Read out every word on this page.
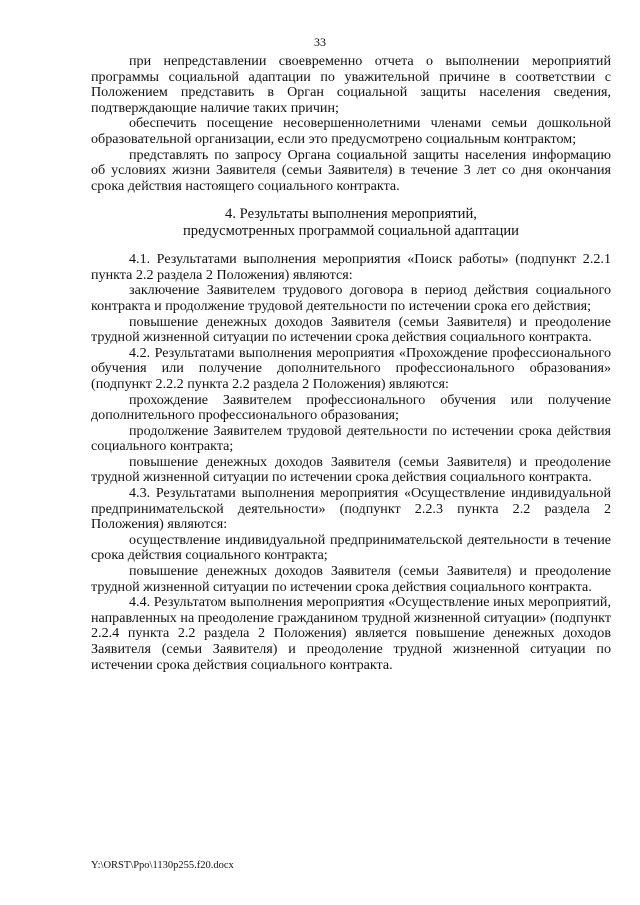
33

при непредставлении своевременно отчета о выполнении мероприятий программы социальной адаптации по уважительной причине в соответствии с Положением представить в Орган социальной защиты населения сведения, подтверждающие наличие таких причин;

обеспечить посещение несовершеннолетними членами семьи дошкольной образовательной организации, если это предусмотрено социальным контрактом;

представлять по запросу Органа социальной защиты населения информацию об условиях жизни Заявителя (семьи Заявителя) в течение 3 лет со дня окончания срока действия настоящего социального контракта.

4. Результаты выполнения мероприятий,
предусмотренных программой социальной адаптации

4.1. Результатами выполнения мероприятия «Поиск работы» (подпункт 2.2.1 пункта 2.2 раздела 2 Положения) являются:

заключение Заявителем трудового договора в период действия социального контракта и продолжение трудовой деятельности по истечении срока его действия;

повышение денежных доходов Заявителя (семьи Заявителя) и преодоление трудной жизненной ситуации по истечении срока действия социального контракта.

4.2. Результатами выполнения мероприятия «Прохождение профессионального обучения или получение дополнительного профессионального образования» (подпункт 2.2.2 пункта 2.2 раздела 2 Положения) являются:

прохождение Заявителем профессионального обучения или получение дополнительного профессионального образования;

продолжение Заявителем трудовой деятельности по истечении срока действия социального контракта;

повышение денежных доходов Заявителя (семьи Заявителя) и преодоление трудной жизненной ситуации по истечении срока действия социального контракта.

4.3. Результатами выполнения мероприятия «Осуществление индивидуальной предпринимательской деятельности» (подпункт 2.2.3 пункта 2.2 раздела 2 Положения) являются:

осуществление индивидуальной предпринимательской деятельности в течение срока действия социального контракта;

повышение денежных доходов Заявителя (семьи Заявителя) и преодоление трудной жизненной ситуации по истечении срока действия социального контракта.

4.4. Результатом выполнения мероприятия «Осуществление иных мероприятий, направленных на преодоление гражданином трудной жизненной ситуации» (подпункт 2.2.4 пункта 2.2 раздела 2 Положения) является повышение денежных доходов Заявителя (семьи Заявителя) и преодоление трудной жизненной ситуации по истечении срока действия социального контракта.

Y:\ORST\Ppo\1130p255.f20.docx
